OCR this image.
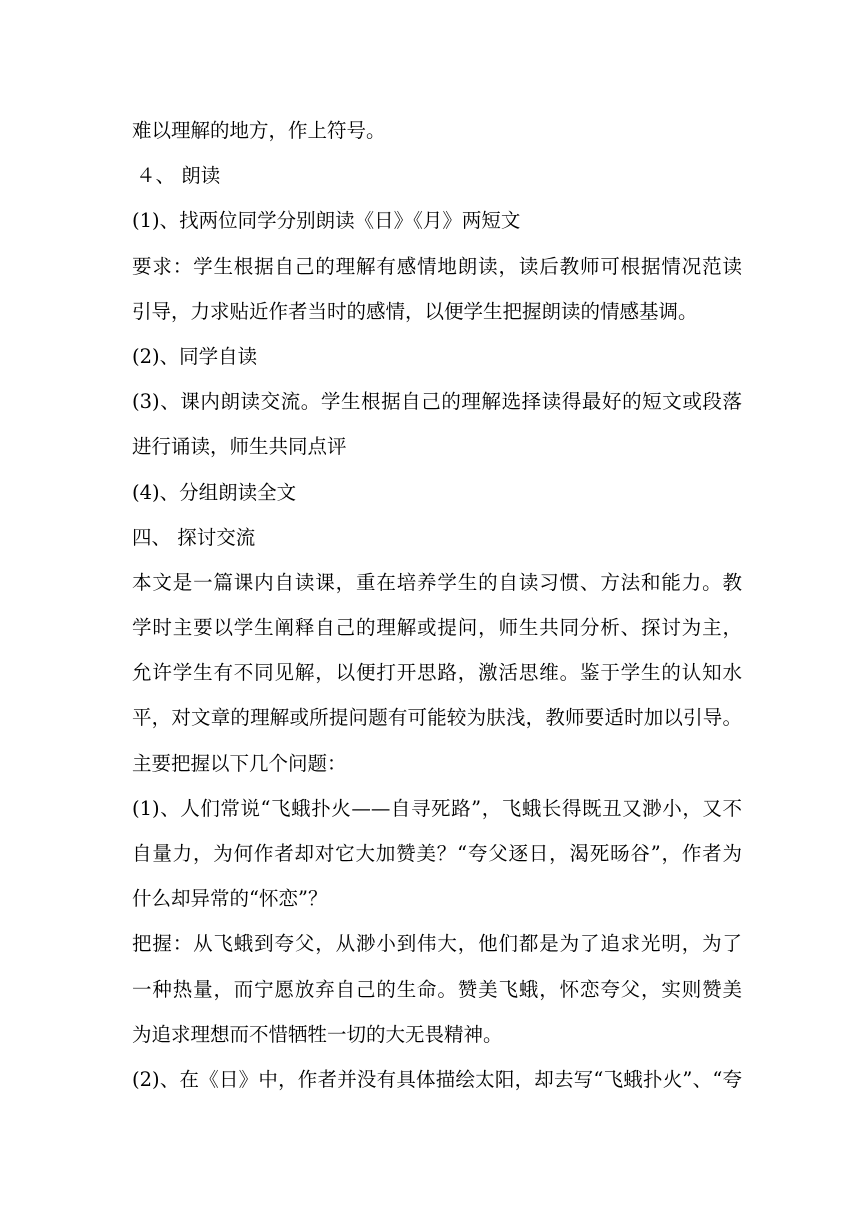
难以理解的地方，作上符号。
４、 朗读
(1)、找两位同学分别朗读《日》《月》两短文
要求：学生根据自己的理解有感情地朗读，读后教师可根据情况范读
引导，力求贴近作者当时的感情，以便学生把握朗读的情感基调。
(2)、同学自读
(3)、课内朗读交流。学生根据自己的理解选择读得最好的短文或段落
进行诵读，师生共同点评
(4)、分组朗读全文
四、 探讨交流
本文是一篇课内自读课，重在培养学生的自读习惯、方法和能力。教
学时主要以学生阐释自己的理解或提问，师生共同分析、探讨为主，
允许学生有不同见解，以便打开思路，激活思维。鉴于学生的认知水
平，对文章的理解或所提问题有可能较为肤浅，教师要适时加以引导。
主要把握以下几个问题：
(1)、人们常说“飞蛾扑火——自寻死路”，飞蛾长得既丑又渺小，又不
自量力，为何作者却对它大加赞美？“夸父逐日，渴死旸谷”，作者为
什么却异常的“怀恋”？
把握：从飞蛾到夸父，从渺小到伟大，他们都是为了追求光明，为了
一种热量，而宁愿放弃自己的生命。赞美飞蛾，怀恋夸父，实则赞美
为追求理想而不惜牺牲一切的大无畏精神。
(2)、在《日》中，作者并没有具体描绘太阳，却去写“飞蛾扑火”、“夸
